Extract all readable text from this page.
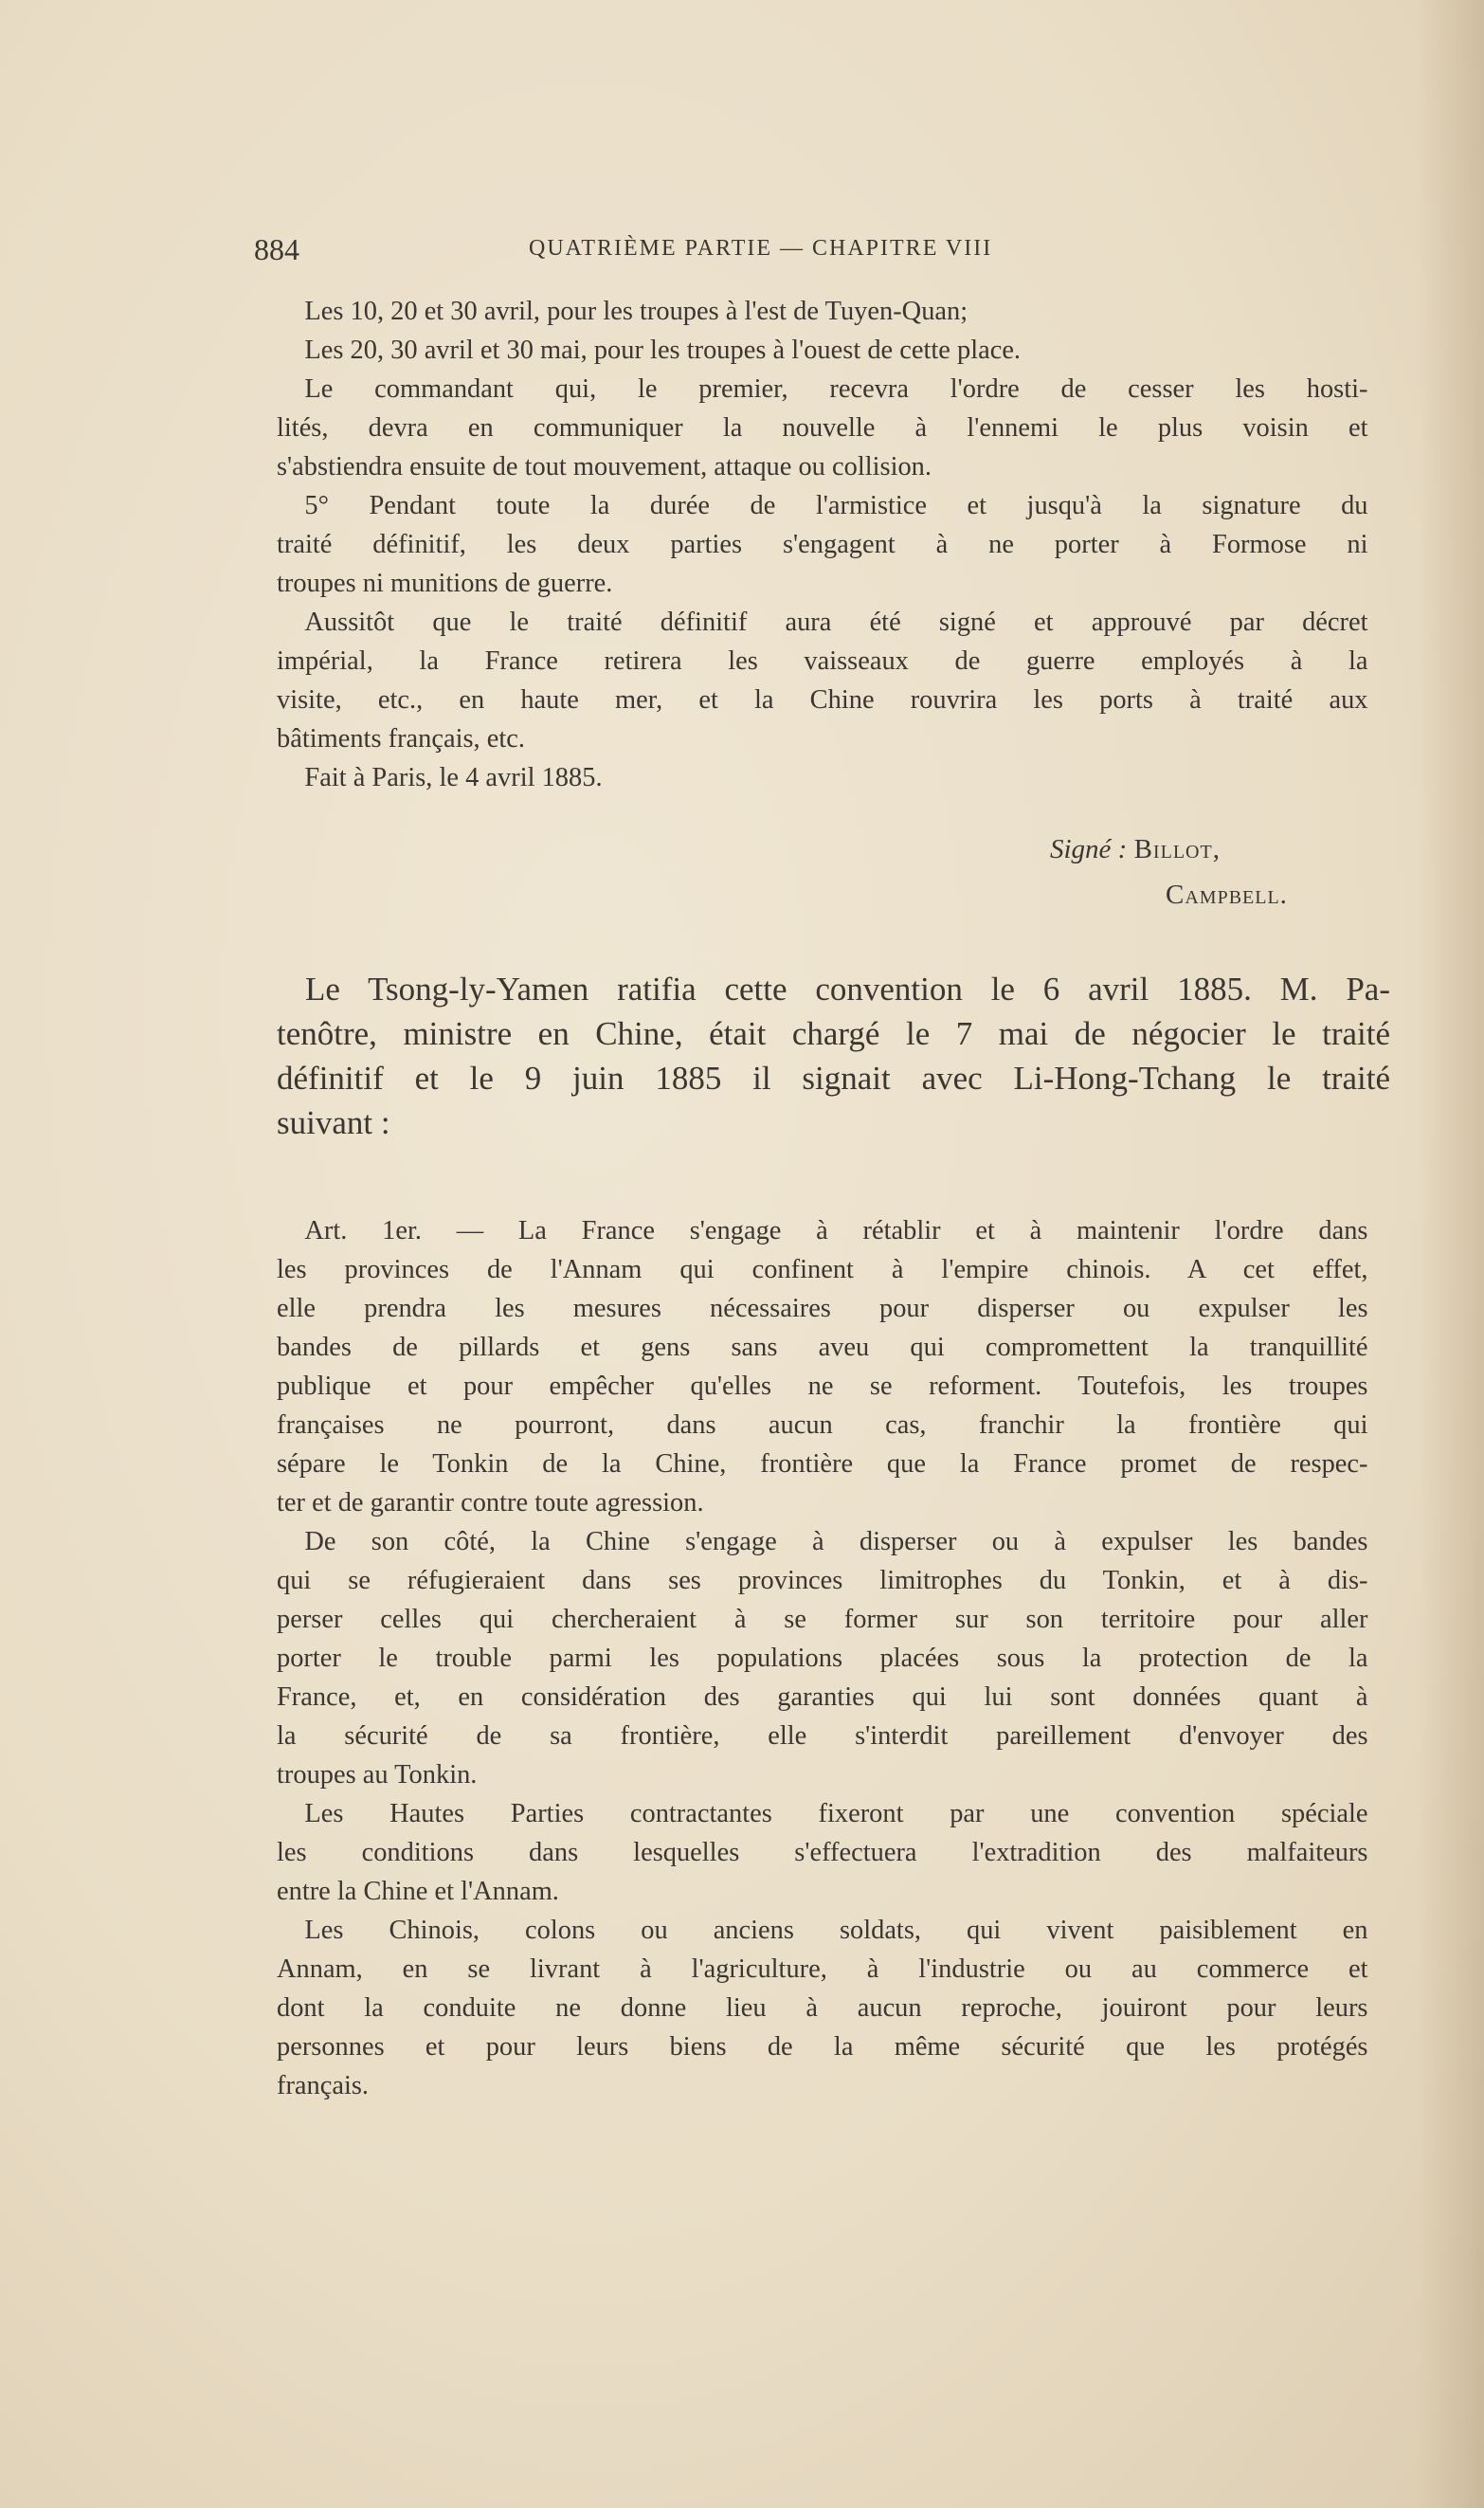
884	QUATRIÈME PARTIE — CHAPITRE VIII
Les 10, 20 et 30 avril, pour les troupes à l'est de Tuyen-Quan;
Les 20, 30 avril et 30 mai, pour les troupes à l'ouest de cette place.
Le commandant qui, le premier, recevra l'ordre de cesser les hosti-
lités, devra en communiquer la nouvelle à l'ennemi le plus voisin et
s'abstiendra ensuite de tout mouvement, attaque ou collision.
5° Pendant toute la durée de l'armistice et jusqu'à la signature du
traité définitif, les deux parties s'engagent à ne porter à Formose ni
troupes ni munitions de guerre.
Aussitôt que le traité définitif aura été signé et approuvé par décret
impérial, la France retirera les vaisseaux de guerre employés à la
visite, etc., en haute mer, et la Chine rouvrira les ports à traité aux
bâtiments français, etc.
Fait à Paris, le 4 avril 1885.
Signé : Billot,
Campbell.
Le Tsong-ly-Yamen ratifia cette convention le 6 avril 1885. M. Pa-
tenôtre, ministre en Chine, était chargé le 7 mai de négocier le traité
définitif et le 9 juin 1885 il signait avec Li-Hong-Tchang le traité
suivant :
Art. 1er. — La France s'engage à rétablir et à maintenir l'ordre dans
les provinces de l'Annam qui confinent à l'empire chinois. A cet effet,
elle prendra les mesures nécessaires pour disperser ou expulser les
bandes de pillards et gens sans aveu qui compromettent la tranquillité
publique et pour empêcher qu'elles ne se reforment. Toutefois, les troupes
françaises ne pourront, dans aucun cas, franchir la frontière qui
sépare le Tonkin de la Chine, frontière que la France promet de respec-
ter et de garantir contre toute agression.
De son côté, la Chine s'engage à disperser ou à expulser les bandes
qui se réfugieraient dans ses provinces limitrophes du Tonkin, et à dis-
perser celles qui chercheraient à se former sur son territoire pour aller
porter le trouble parmi les populations placées sous la protection de la
France, et, en considération des garanties qui lui sont données quant à
la sécurité de sa frontière, elle s'interdit pareillement d'envoyer des
troupes au Tonkin.
Les Hautes Parties contractantes fixeront par une convention spéciale
les conditions dans lesquelles s'effectuera l'extradition des malfaiteurs
entre la Chine et l'Annam.
Les Chinois, colons ou anciens soldats, qui vivent paisiblement en
Annam, en se livrant à l'agriculture, à l'industrie ou au commerce et
dont la conduite ne donne lieu à aucun reproche, jouiront pour leurs
personnes et pour leurs biens de la même sécurité que les protégés
français.
